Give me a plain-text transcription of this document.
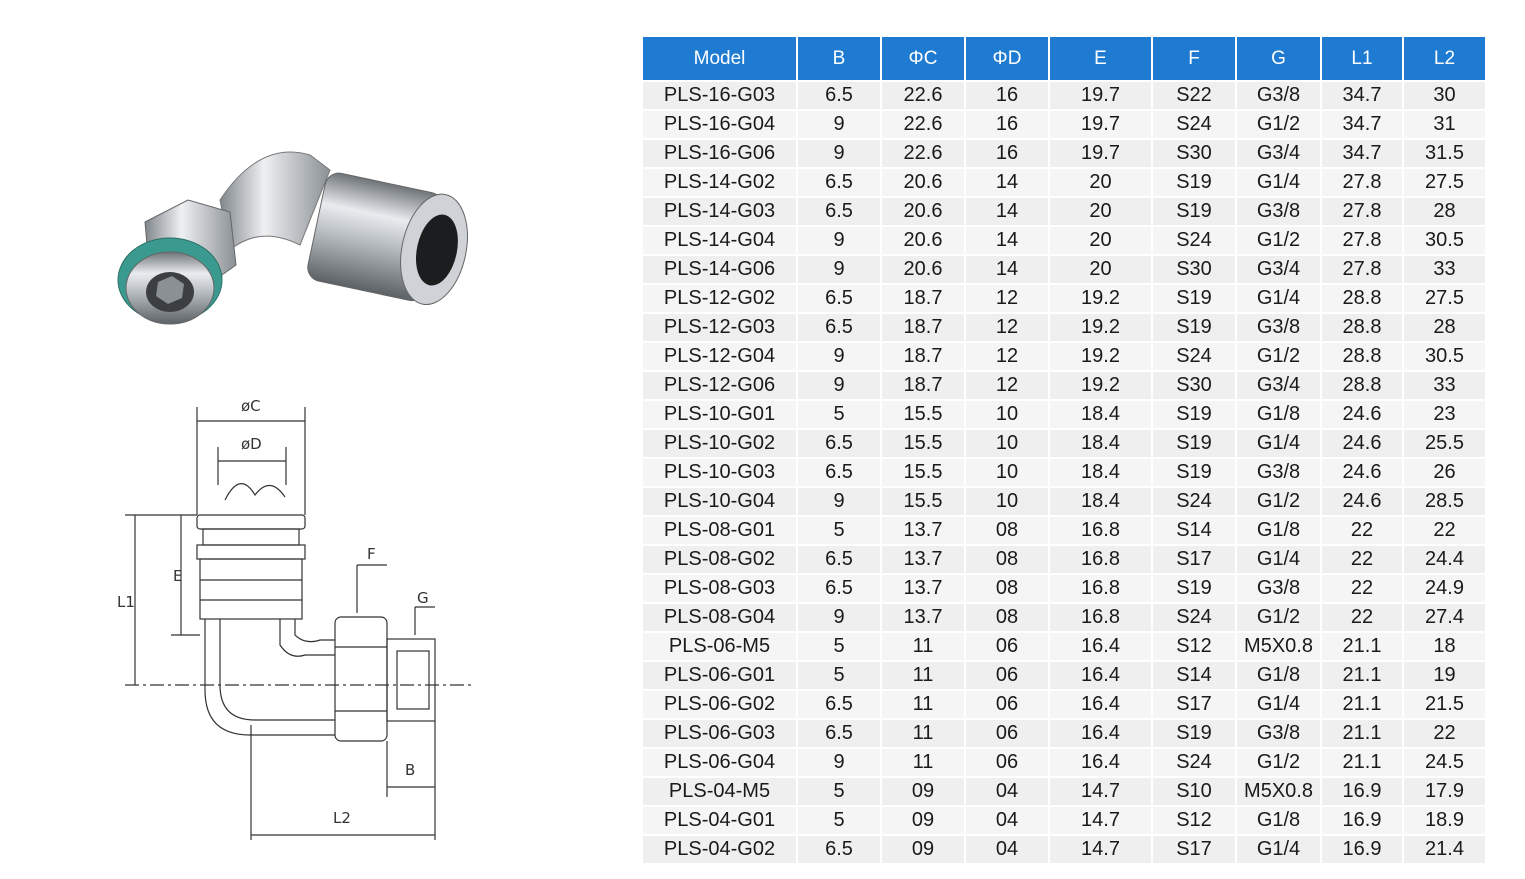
øC
øD
L1
E
F
G
B
L2
Model	B	ΦC	ΦD	E	F	G	L1	L2
PLS-16-G03	6.5	22.6	16	19.7	S22	G3/8	34.7	30
PLS-16-G04	9	22.6	16	19.7	S24	G1/2	34.7	31
PLS-16-G06	9	22.6	16	19.7	S30	G3/4	34.7	31.5
PLS-14-G02	6.5	20.6	14	20	S19	G1/4	27.8	27.5
PLS-14-G03	6.5	20.6	14	20	S19	G3/8	27.8	28
PLS-14-G04	9	20.6	14	20	S24	G1/2	27.8	30.5
PLS-14-G06	9	20.6	14	20	S30	G3/4	27.8	33
PLS-12-G02	6.5	18.7	12	19.2	S19	G1/4	28.8	27.5
PLS-12-G03	6.5	18.7	12	19.2	S19	G3/8	28.8	28
PLS-12-G04	9	18.7	12	19.2	S24	G1/2	28.8	30.5
PLS-12-G06	9	18.7	12	19.2	S30	G3/4	28.8	33
PLS-10-G01	5	15.5	10	18.4	S19	G1/8	24.6	23
PLS-10-G02	6.5	15.5	10	18.4	S19	G1/4	24.6	25.5
PLS-10-G03	6.5	15.5	10	18.4	S19	G3/8	24.6	26
PLS-10-G04	9	15.5	10	18.4	S24	G1/2	24.6	28.5
PLS-08-G01	5	13.7	08	16.8	S14	G1/8	22	22
PLS-08-G02	6.5	13.7	08	16.8	S17	G1/4	22	24.4
PLS-08-G03	6.5	13.7	08	16.8	S19	G3/8	22	24.9
PLS-08-G04	9	13.7	08	16.8	S24	G1/2	22	27.4
PLS-06-M5	5	11	06	16.4	S12	M5X0.8	21.1	18
PLS-06-G01	5	11	06	16.4	S14	G1/8	21.1	19
PLS-06-G02	6.5	11	06	16.4	S17	G1/4	21.1	21.5
PLS-06-G03	6.5	11	06	16.4	S19	G3/8	21.1	22
PLS-06-G04	9	11	06	16.4	S24	G1/2	21.1	24.5
PLS-04-M5	5	09	04	14.7	S10	M5X0.8	16.9	17.9
PLS-04-G01	5	09	04	14.7	S12	G1/8	16.9	18.9
PLS-04-G02	6.5	09	04	14.7	S17	G1/4	16.9	21.4
